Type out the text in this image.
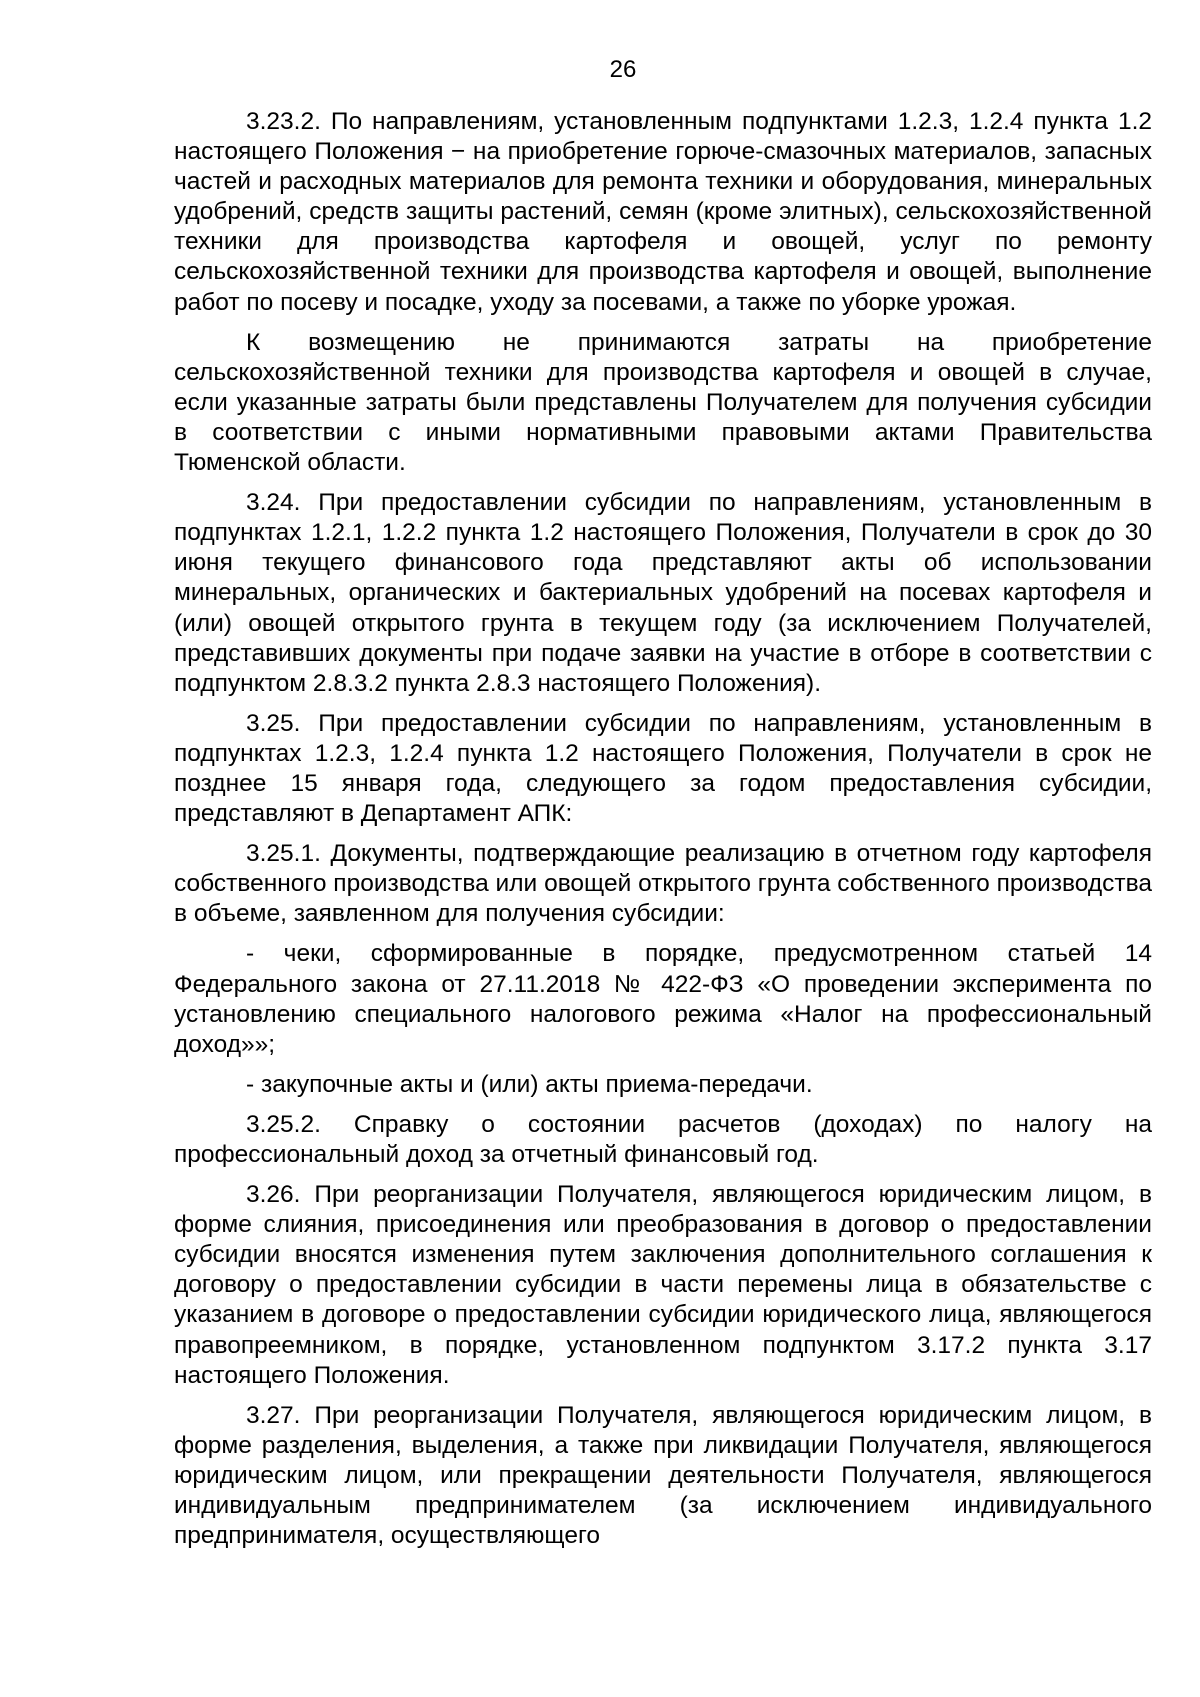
26

3.23.2. По направлениям, установленным подпунктами 1.2.3, 1.2.4 пункта 1.2 настоящего Положения − на приобретение горюче-смазочных материалов, запасных частей и расходных материалов для ремонта техники и оборудования, минеральных удобрений, средств защиты растений, семян (кроме элитных), сельскохозяйственной техники для производства картофеля и овощей, услуг по ремонту сельскохозяйственной техники для производства картофеля и овощей, выполнение работ по посеву и посадке, уходу за посевами, а также по уборке урожая.

К возмещению не принимаются затраты на приобретение сельскохозяйственной техники для производства картофеля и овощей в случае, если указанные затраты были представлены Получателем для получения субсидии в соответствии с иными нормативными правовыми актами Правительства Тюменской области.

3.24. При предоставлении субсидии по направлениям, установленным в подпунктах 1.2.1, 1.2.2 пункта 1.2 настоящего Положения, Получатели в срок до 30 июня текущего финансового года представляют акты об использовании минеральных, органических и бактериальных удобрений на посевах картофеля и (или) овощей открытого грунта в текущем году (за исключением Получателей, представивших документы при подаче заявки на участие в отборе в соответствии с подпунктом 2.8.3.2 пункта 2.8.3 настоящего Положения).

3.25. При предоставлении субсидии по направлениям, установленным в подпунктах 1.2.3, 1.2.4 пункта 1.2 настоящего Положения, Получатели в срок не позднее 15 января года, следующего за годом предоставления субсидии, представляют в Департамент АПК:

3.25.1. Документы, подтверждающие реализацию в отчетном году картофеля собственного производства или овощей открытого грунта собственного производства в объеме, заявленном для получения субсидии:

- чеки, сформированные в порядке, предусмотренном статьей 14 Федерального закона от 27.11.2018 № 422-ФЗ «О проведении эксперимента по установлению специального налогового режима «Налог на профессиональный доход»»;

- закупочные акты и (или) акты приема-передачи.

3.25.2. Справку о состоянии расчетов (доходах) по налогу на профессиональный доход за отчетный финансовый год.

3.26. При реорганизации Получателя, являющегося юридическим лицом, в форме слияния, присоединения или преобразования в договор о предоставлении субсидии вносятся изменения путем заключения дополнительного соглашения к договору о предоставлении субсидии в части перемены лица в обязательстве с указанием в договоре о предоставлении субсидии юридического лица, являющегося правопреемником, в порядке, установленном подпунктом 3.17.2 пункта 3.17 настоящего Положения.

3.27. При реорганизации Получателя, являющегося юридическим лицом, в форме разделения, выделения, а также при ликвидации Получателя, являющегося юридическим лицом, или прекращении деятельности Получателя, являющегося индивидуальным предпринимателем (за исключением индивидуального предпринимателя, осуществляющего
